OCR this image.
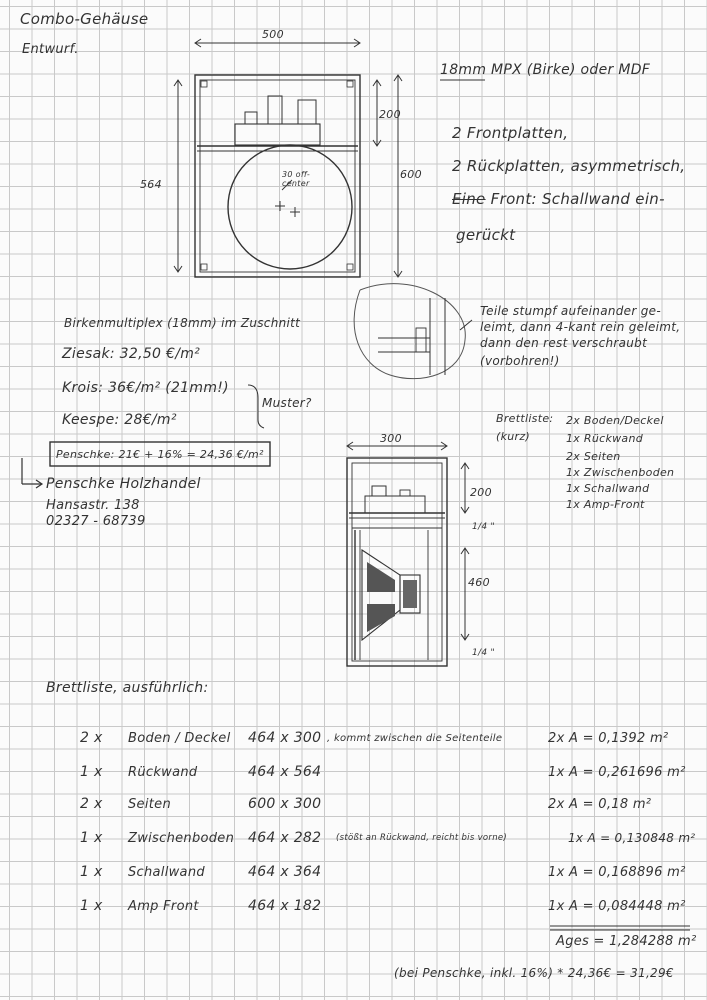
Combo-Gehäuse
Entwurf.
500
564
600
200
30 off-center
18mm MPX (Birke) oder MDF
2 Frontplatten,
2 Rückplatten, asymmetrisch,
Eine Front: Schallwand ein-
gerückt
Teile stumpf aufeinander ge-
leimt, dann 4-kant rein geleimt,
dann den rest verschraubt
(vorbohren!)
Birkenmultiplex (18mm) im Zuschnitt
Ziesak: 32,50 €/m²
Krois: 36€/m² (21mm!)
Keespe: 28€/m²
Muster?
Penschke: 21€ + 16% = 24,36 €/m²
Penschke Holzhandel
Hansastr. 138
02327 - 68739
Brettliste:
(kurz)
2x Boden/Deckel
1x Rückwand
2x Seiten
1x Zwischenboden
1x Schallwand
1x Amp-Front
300
200
460
1/4 "
1/4 "
Brettliste, ausführlich:
2 x Boden / Deckel 464 x 300 , kommt zwischen die Seitenteile	2x A = 0,1392 m²
1 x Rückwand	464 x 564	1x A = 0,261696 m²
2 x Seiten	600 x 300	2x A = 0,18 m²
1 x Zwischenboden 464 x 282 (stößt an Rückwand, reicht bis vorne)	1x A = 0,130848 m²
1 x Schallwand	464 x 364	1x A = 0,168896 m²
1 x Amp Front	464 x 182	1x A = 0,084448 m²
Ages = 1,284288 m²
(bei Penschke, inkl. 16%) * 24,36€ = 31,29€
